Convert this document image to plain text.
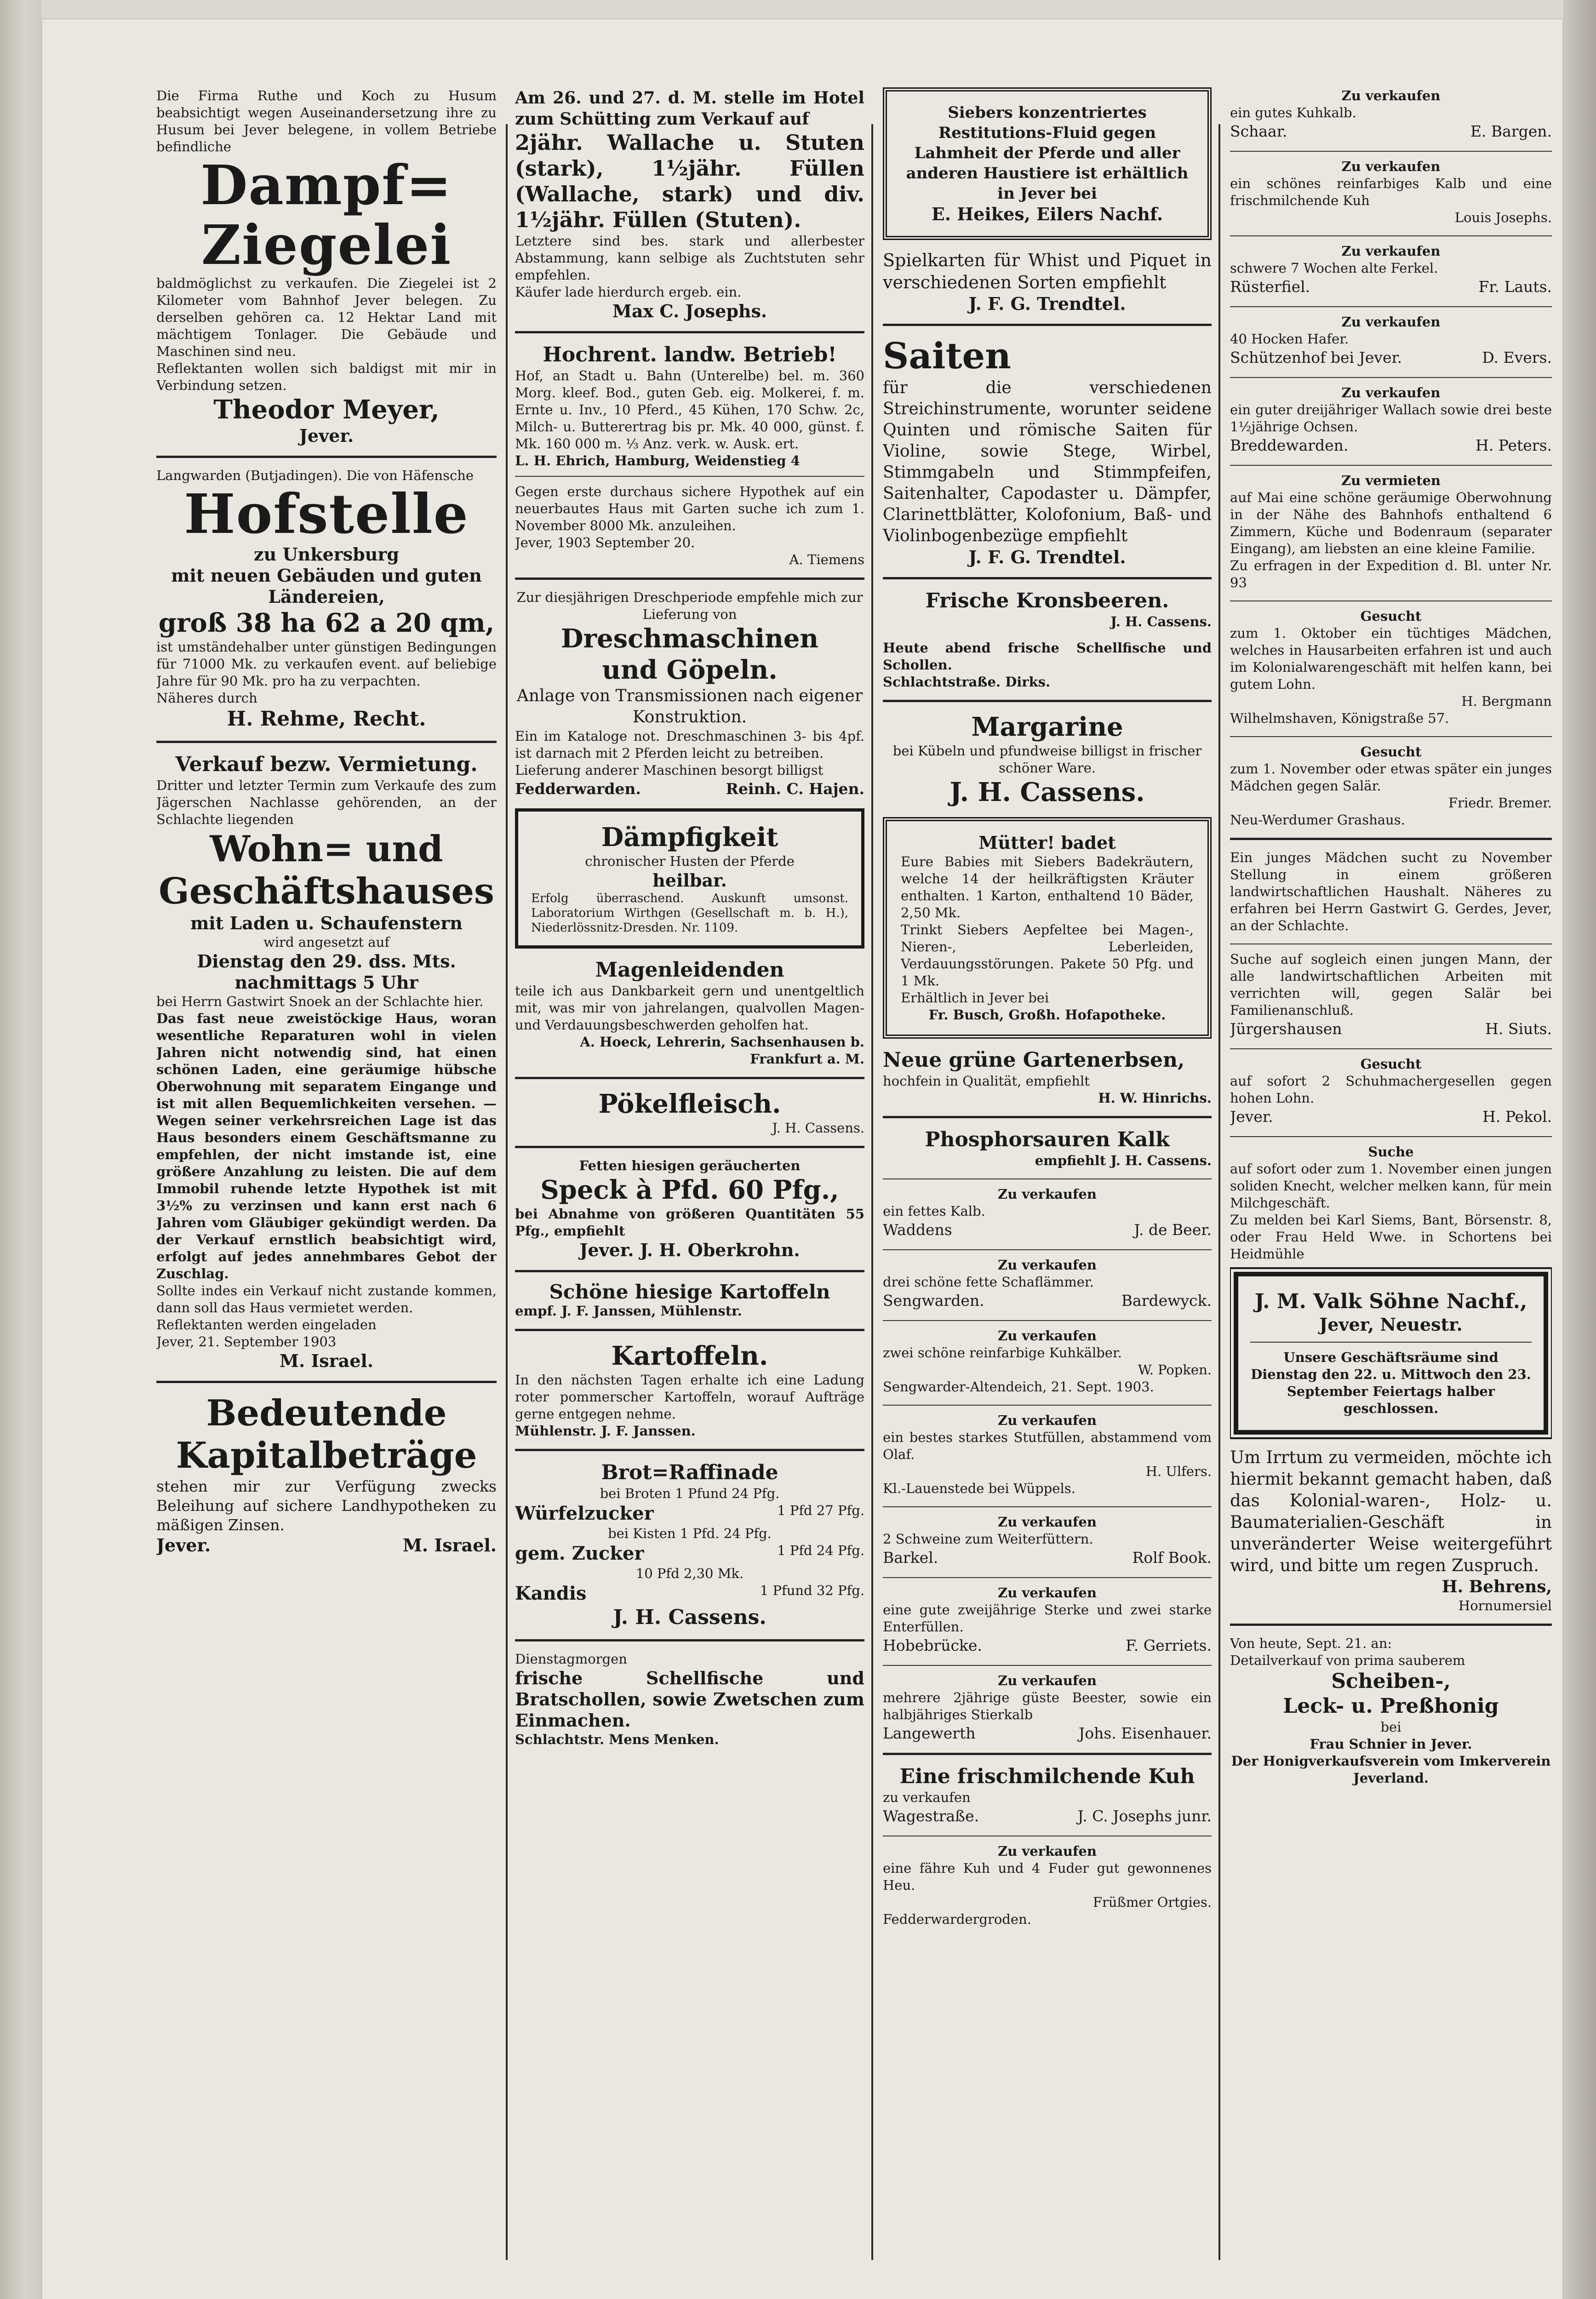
Die Firma Ruthe und Koch zu Husum beabsichtigt wegen Auseinandersetzung ihre zu Husum bei Jever belegene, in vollem Betriebe befindliche

Dampf=
Ziegelei

baldmöglichst zu verkaufen. Die Ziegelei ist 2 Kilometer vom Bahnhof Jever belegen. Zu derselben gehören ca. 12 Hektar Land mit mächtigem Tonlager. Die Gebäude und Maschinen sind neu.

Reflektanten wollen sich baldigst mit mir in Verbindung setzen.

Theodor Meyer,
Jever.

Langwarden (Butjadingen). Die von Häfensche

Hofstelle
zu Unkersburg
mit neuen Gebäuden und guten Ländereien,
groß 38 ha 62 a 20 qm,

ist umständehalber unter günstigen Bedingungen für 71000 Mk. zu verkaufen event. auf beliebige Jahre für 90 Mk. pro ha zu verpachten.

Näheres durch

H. Rehme, Recht.
Verkauf bezw. Vermietung.

Dritter und letzter Termin zum Verkaufe des zum Jägerschen Nachlasse gehörenden, an der Schlachte liegenden

Wohn= und
Geschäftshauses
mit Laden u. Schaufenstern

wird angesetzt auf

Dienstag den 29. dss. Mts.
nachmittags 5 Uhr

bei Herrn Gastwirt Snoek an der Schlachte hier.

Das fast neue zweistöckige Haus, woran wesentliche Reparaturen wohl in vielen Jahren nicht notwendig sind, hat einen schönen Laden, eine geräumige hübsche Oberwohnung mit separatem Eingange und ist mit allen Bequemlichkeiten versehen. — Wegen seiner verkehrsreichen Lage ist das Haus besonders einem Geschäftsmanne zu empfehlen, der nicht imstande ist, eine größere Anzahlung zu leisten. Die auf dem Immobil ruhende letzte Hypothek ist mit 3½% zu verzinsen und kann erst nach 6 Jahren vom Gläubiger gekündigt werden. Da der Verkauf ernstlich beabsichtigt wird, erfolgt auf jedes annehmbares Gebot der Zuschlag.

Sollte indes ein Verkauf nicht zustande kommen, dann soll das Haus vermietet werden.

Reflektanten werden eingeladen

Jever, 21. September 1903

M. Israel.
Bedeutende
Kapitalbeträge

stehen mir zur Verfügung zwecks Beleihung auf sichere Landhypotheken zu mäßigen Zinsen.

Jever.	M. Israel.

Am 26. und 27. d. M. stelle im Hotel zum Schütting zum Verkauf auf

2jähr. Wallache u. Stuten (stark), 1½jähr. Füllen (Wallache, stark) und div. 1½jähr. Füllen (Stuten).

Letztere sind bes. stark und allerbester Abstammung, kann selbige als Zuchtstuten sehr empfehlen.

Käufer lade hierdurch ergeb. ein.

Max C. Josephs.
Hochrent. landw. Betrieb!

Hof, an Stadt u. Bahn (Unterelbe) bel. m. 360 Morg. kleef. Bod., guten Geb. eig. Molkerei, f. m. Ernte u. Inv., 10 Pferd., 45 Kühen, 170 Schw. 2c, Milch- u. Butterertrag bis pr. Mk. 40 000, günst. f. Mk. 160 000 m. ⅓ Anz. verk. w. Ausk. ert.

L. H. Ehrich, Hamburg, Weidenstieg 4

Gegen erste durchaus sichere Hypothek auf ein neuerbautes Haus mit Garten suche ich zum 1. November 8000 Mk. anzuleihen.

Jever, 1903 September 20.

A. Tiemens

Zur diesjährigen Dreschperiode empfehle mich zur Lieferung von

Dreschmaschinen
und Göpeln.

Anlage von Transmissionen nach eigener Konstruktion.

Ein im Kataloge not. Dreschmaschinen 3- bis 4pf. ist darnach mit 2 Pferden leicht zu betreiben.

Lieferung anderer Maschinen besorgt billigst

Fedderwarden.	Reinh. C. Hajen.
Dämpfigkeit

chronischer Husten der Pferde

heilbar.

Erfolg überraschend. Auskunft umsonst. Laboratorium Wirthgen (Gesellschaft m. b. H.), Niederlössnitz-Dresden. Nr. 1109.

Magenleidenden

teile ich aus Dankbarkeit gern und unentgeltlich mit, was mir von jahrelangen, qualvollen Magen- und Verdauungsbeschwerden geholfen hat.

A. Hoeck, Lehrerin, Sachsenhausen b. Frankfurt a. M.

Pökelfleisch.

J. H. Cassens.

Fetten hiesigen geräucherten

Speck à Pfd. 60 Pfg.,

bei Abnahme von größeren Quantitäten 55 Pfg., empfiehlt

Jever. J. H. Oberkrohn.
Schöne hiesige Kartoffeln

empf. J. F. Janssen, Mühlenstr.

Kartoffeln.

In den nächsten Tagen erhalte ich eine Ladung roter pommerscher Kartoffeln, worauf Aufträge gerne entgegen nehme.

Mühlenstr. J. F. Janssen.

Brot=Raffinade

bei Broten 1 Pfund 24 Pfg.

Würfelzucker	1 Pfd 27 Pfg.

bei Kisten 1 Pfd. 24 Pfg.

gem. Zucker	1 Pfd 24 Pfg.

10 Pfd 2,30 Mk.

Kandis	1 Pfund 32 Pfg.
J. H. Cassens.

Dienstagmorgen

frische Schellfische und Bratschollen, sowie Zwetschen zum Einmachen.

Schlachtstr. Mens Menken.

Siebers konzentriertes Restitutions-Fluid gegen Lahmheit der Pferde und aller anderen Haustiere ist erhältlich in Jever bei

E. Heikes, Eilers Nachf.

Spielkarten für Whist und Piquet in verschiedenen Sorten empfiehlt

J. F. G. Trendtel.
Saiten

für die verschiedenen Streichinstrumente, worunter seidene Quinten und römische Saiten für Violine, sowie Stege, Wirbel, Stimmgabeln und Stimmpfeifen, Saitenhalter, Capodaster u. Dämpfer, Clarinettblätter, Kolofonium, Baß- und Violinbogenbezüge empfiehlt

J. F. G. Trendtel.
Frische Kronsbeeren.

J. H. Cassens.

Heute abend frische Schellfische und Schollen.

Schlachtstraße. Dirks.

Margarine

bei Kübeln und pfundweise billigst in frischer schöner Ware.

J. H. Cassens.
Mütter! badet

Eure Babies mit Siebers Badekräutern, welche 14 der heilkräftigsten Kräuter enthalten. 1 Karton, enthaltend 10 Bäder, 2,50 Mk.

Trinkt Siebers Aepfeltee bei Magen-, Nieren-, Leberleiden, Verdauungsstörungen. Pakete 50 Pfg. und 1 Mk.

Erhältlich in Jever bei

Fr. Busch, Großh. Hofapotheke.

Neue grüne Gartenerbsen,

hochfein in Qualität, empfiehlt

H. W. Hinrichs.

Phosphorsauren Kalk

empfiehlt J. H. Cassens.

Zu verkaufen

ein fettes Kalb.

Waddens	J. de Beer.

Zu verkaufen

drei schöne fette Schaflämmer.

Sengwarden.	Bardewyck.

Zu verkaufen

zwei schöne reinfarbige Kuhkälber.

W. Popken.

Sengwarder-Altendeich, 21. Sept. 1903.

Zu verkaufen

ein bestes starkes Stutfüllen, abstammend vom Olaf.

H. Ulfers.

Kl.-Lauenstede bei Wüppels.

Zu verkaufen

2 Schweine zum Weiterfüttern.

Barkel.	Rolf Book.

Zu verkaufen

eine gute zweijährige Sterke und zwei starke Enterfüllen.

Hobebrücke.	F. Gerriets.

Zu verkaufen

mehrere 2jährige güste Beester, sowie ein halbjähriges Stierkalb

Langewerth	Johs. Eisenhauer.
Eine frischmilchende Kuh

zu verkaufen

Wagestraße.	J. C. Josephs junr.

Zu verkaufen

eine fähre Kuh und 4 Fuder gut gewonnenes Heu.

Früßmer Ortgies.

Fedderwardergroden.

Zu verkaufen

ein gutes Kuhkalb.

Schaar.	E. Bargen.

Zu verkaufen

ein schönes reinfarbiges Kalb und eine frischmilchende Kuh

Louis Josephs.

Zu verkaufen

schwere 7 Wochen alte Ferkel.

Rüsterfiel.	Fr. Lauts.

Zu verkaufen

40 Hocken Hafer.

Schützenhof bei Jever.	D. Evers.

Zu verkaufen

ein guter dreijähriger Wallach sowie drei beste 1½jährige Ochsen.

Breddewarden.	H. Peters.

Zu vermieten

auf Mai eine schöne geräumige Oberwohnung in der Nähe des Bahnhofs enthaltend 6 Zimmern, Küche und Bodenraum (separater Eingang), am liebsten an eine kleine Familie.

Zu erfragen in der Expedition d. Bl. unter Nr. 93

Gesucht

zum 1. Oktober ein tüchtiges Mädchen, welches in Hausarbeiten erfahren ist und auch im Kolonialwarengeschäft mit helfen kann, bei gutem Lohn.

H. Bergmann

Wilhelmshaven, Königstraße 57.

Gesucht

zum 1. November oder etwas später ein junges Mädchen gegen Salär.

Friedr. Bremer.

Neu-Werdumer Grashaus.

Ein junges Mädchen sucht zu November Stellung in einem größeren landwirtschaftlichen Haushalt. Näheres zu erfahren bei Herrn Gastwirt G. Gerdes, Jever, an der Schlachte.

Suche auf sogleich einen jungen Mann, der alle landwirtschaftlichen Arbeiten mit verrichten will, gegen Salär bei Familienanschluß.

Jürgershausen	H. Siuts.

Gesucht

auf sofort 2 Schuhmachergesellen gegen hohen Lohn.

Jever.	H. Pekol.

Suche

auf sofort oder zum 1. November einen jungen soliden Knecht, welcher melken kann, für mein Milchgeschäft.

Zu melden bei Karl Siems, Bant, Börsenstr. 8, oder Frau Held Wwe. in Schortens bei Heidmühle

J. M. Valk Söhne Nachf.,
Jever, Neuestr.

Unsere Geschäftsräume sind Dienstag den 22. u. Mittwoch den 23. September Feiertags halber geschlossen.

Um Irrtum zu vermeiden, möchte ich hiermit bekannt gemacht haben, daß das Kolonial-waren-, Holz- u. Baumaterialien-Geschäft in unveränderter Weise weitergeführt wird, und bitte um regen Zuspruch.

H. Behrens,

Hornumersiel

Von heute, Sept. 21. an:

Detailverkauf von prima sauberem

Scheiben-,
Leck- u. Preßhonig

bei

Frau Schnier in Jever.

Der Honigverkaufsverein vom Imkerverein Jeverland.
